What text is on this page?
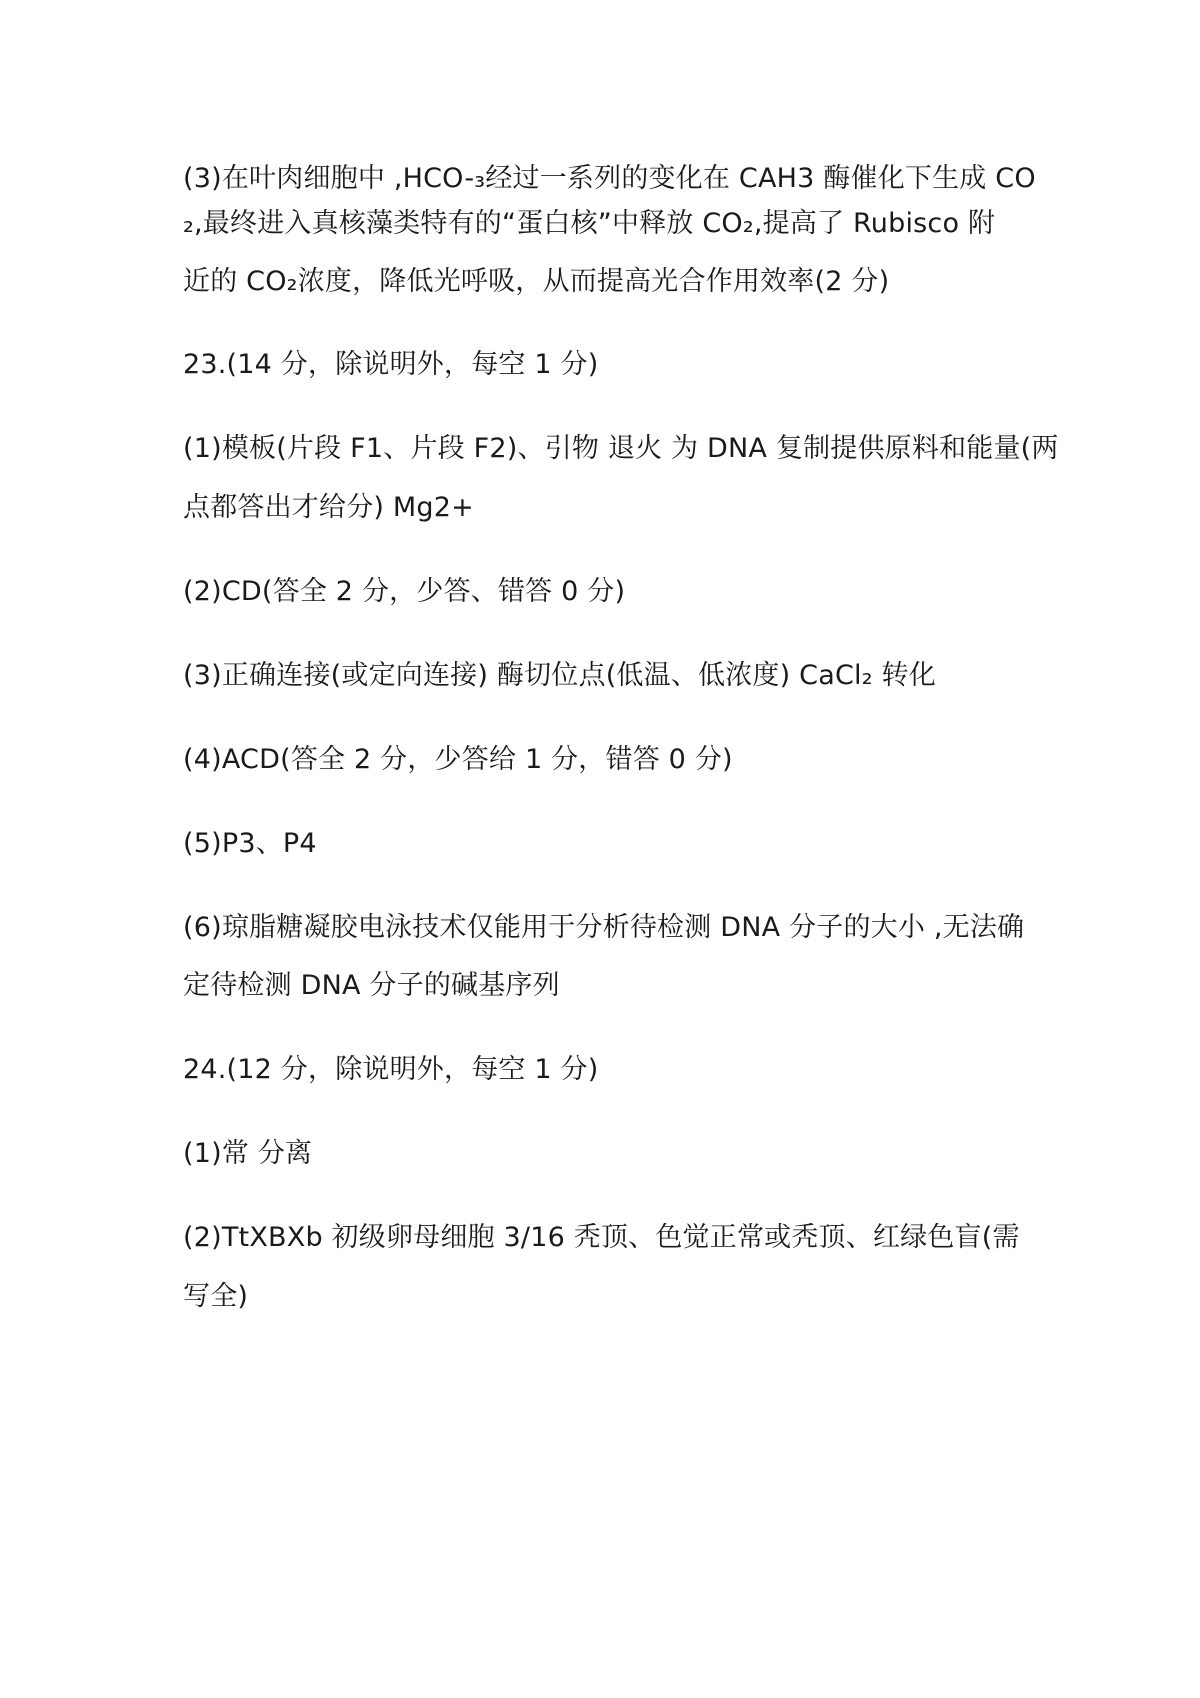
(3)在叶肉细胞中 ,HCO-₃经过一系列的变化在 CAH3 酶催化下生成 CO
₂,最终进入真核藻类特有的“蛋白核”中释放 CO₂,提高了 Rubisco 附
近的 CO₂浓度，降低光呼吸，从而提高光合作用效率(2 分)
23.(14 分，除说明外，每空 1 分)
(1)模板(片段 F1、片段 F2)、引物 退火 为 DNA 复制提供原料和能量(两
点都答出才给分) Mg2+
(2)CD(答全 2 分，少答、错答 0 分)
(3)正确连接(或定向连接) 酶切位点(低温、低浓度) CaCl₂ 转化
(4)ACD(答全 2 分，少答给 1 分，错答 0 分)
(5)P3、P4
(6)琼脂糖凝胶电泳技术仅能用于分析待检测 DNA 分子的大小 ,无法确
定待检测 DNA 分子的碱基序列
24.(12 分，除说明外，每空 1 分)
(1)常 分离
(2)TtXBXb 初级卵母细胞 3/16 秃顶、色觉正常或秃顶、红绿色盲(需
写全)
